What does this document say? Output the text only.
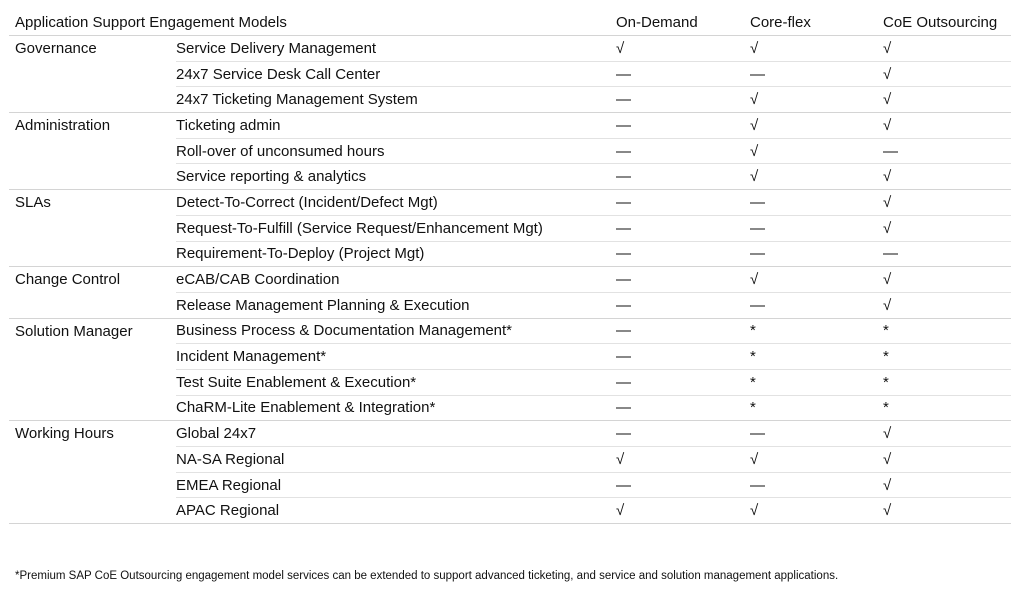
Application Support Engagement Models		On-Demand	Core-flex	CoE Outsourcing
Governance	Service Delivery Management	√	√	√
	24x7 Service Desk Call Center	—	—	√
	24x7 Ticketing Management System	—	√	√
Administration	Ticketing admin	—	√	√
	Roll-over of unconsumed hours	—	√	—
	Service reporting & analytics	—	√	√
SLAs	Detect-To-Correct (Incident/Defect Mgt)	—	—	√
	Request-To-Fulfill (Service Request/Enhancement Mgt)	—	—	√
	Requirement-To-Deploy (Project Mgt)	—	—	—
Change Control	eCAB/CAB Coordination	—	√	√
	Release Management Planning & Execution	—	—	√
Solution Manager	Business Process & Documentation Management*	—	*	*
	Incident Management*	—	*	*
	Test Suite Enablement & Execution*	—	*	*
	ChaRM-Lite Enablement & Integration*	—	*	*
Working Hours	Global 24x7	—	—	√
	NA-SA Regional	√	√	√
	EMEA Regional	—	—	√
	APAC Regional	√	√	√
*Premium SAP CoE Outsourcing engagement model services can be extended to support advanced ticketing, and service and solution management applications.
